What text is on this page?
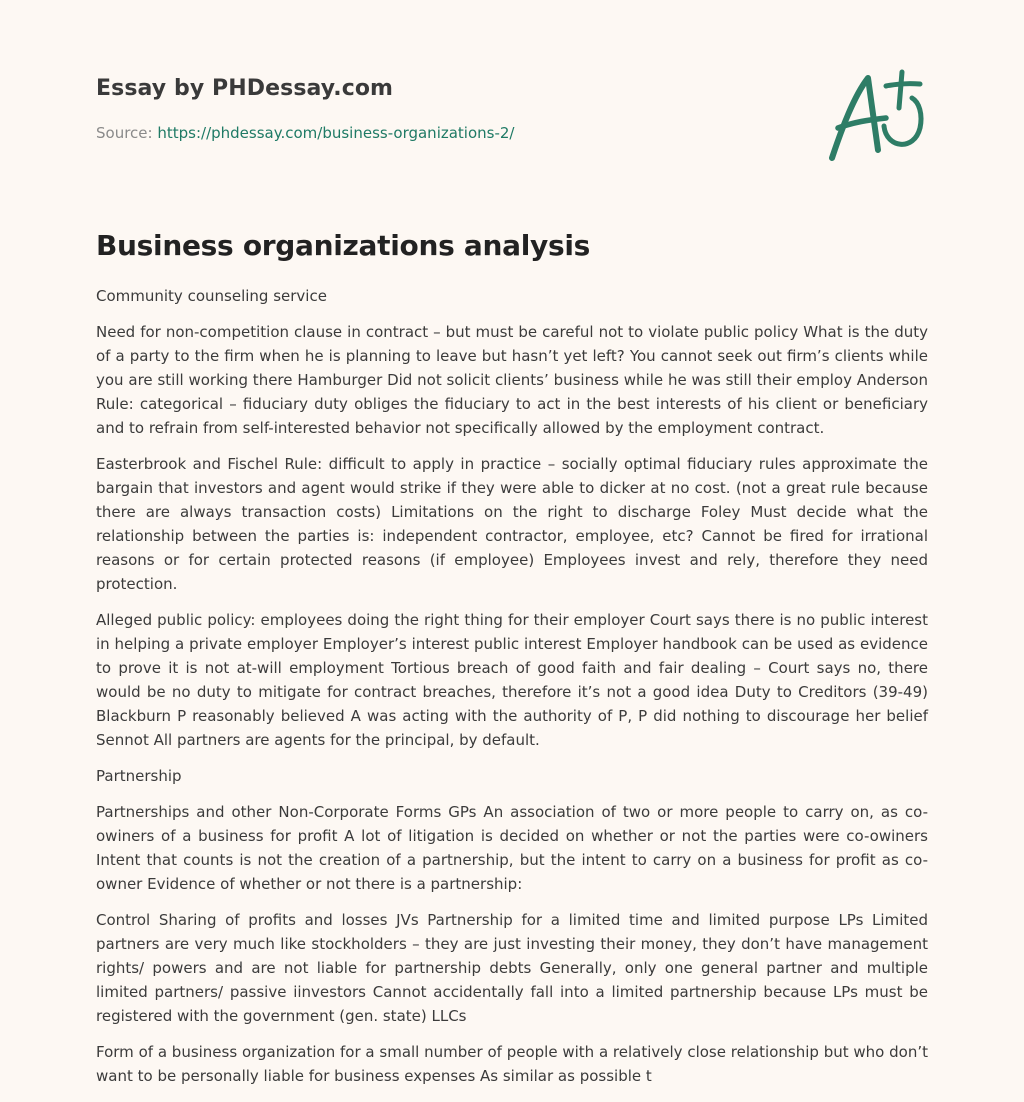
Essay by PHDessay.com
Source: https://phdessay.com/business-organizations-2/
Business organizations analysis

Community counseling service

Need for non-competition clause in contract – but must be careful not to violate public policy What is the duty of a party to the firm when he is planning to leave but hasn’t yet left? You cannot seek out firm’s clients while you are still working there Hamburger Did not solicit clients’ business while he was still their employ Anderson Rule: categorical – fiduciary duty obliges the fiduciary to act in the best interests of his client or beneficiary and to refrain from self-interested behavior not specifically allowed by the employment contract.

Easterbrook and Fischel Rule: difficult to apply in practice – socially optimal fiduciary rules approximate the bargain that investors and agent would strike if they were able to dicker at no cost. (not a great rule because there are always transaction costs) Limitations on the right to discharge Foley Must decide what the relationship between the parties is: independent contractor, employee, etc? Cannot be fired for irrational reasons or for certain protected reasons (if employee) Employees invest and rely, therefore they need protection.

Alleged public policy: employees doing the right thing for their employer Court says there is no public interest in helping a private employer Employer’s interest public interest Employer handbook can be used as evidence to prove it is not at-will employment Tortious breach of good faith and fair dealing – Court says no, there would be no duty to mitigate for contract breaches, therefore it’s not a good idea Duty to Creditors (39-49) Blackburn P reasonably believed A was acting with the authority of P, P did nothing to discourage her belief Sennot All partners are agents for the principal, by default.

Partnership

Partnerships and other Non-Corporate Forms GPs An association of two or more people to carry on, as co-owiners of a business for profit A lot of litigation is decided on whether or not the parties were co-owiners Intent that counts is not the creation of a partnership, but the intent to carry on a business for profit as co-owner Evidence of whether or not there is a partnership:

Control Sharing of profits and losses JVs Partnership for a limited time and limited purpose LPs Limited partners are very much like stockholders – they are just investing their money, they don’t have management rights/ powers and are not liable for partnership debts Generally, only one general partner and multiple limited partners/ passive iinvestors Cannot accidentally fall into a limited partnership because LPs must be registered with the government (gen. state) LLCs

Form of a business organization for a small number of people with a relatively close relationship but who don’t want to be personally liable for business expenses As similar as possible t
